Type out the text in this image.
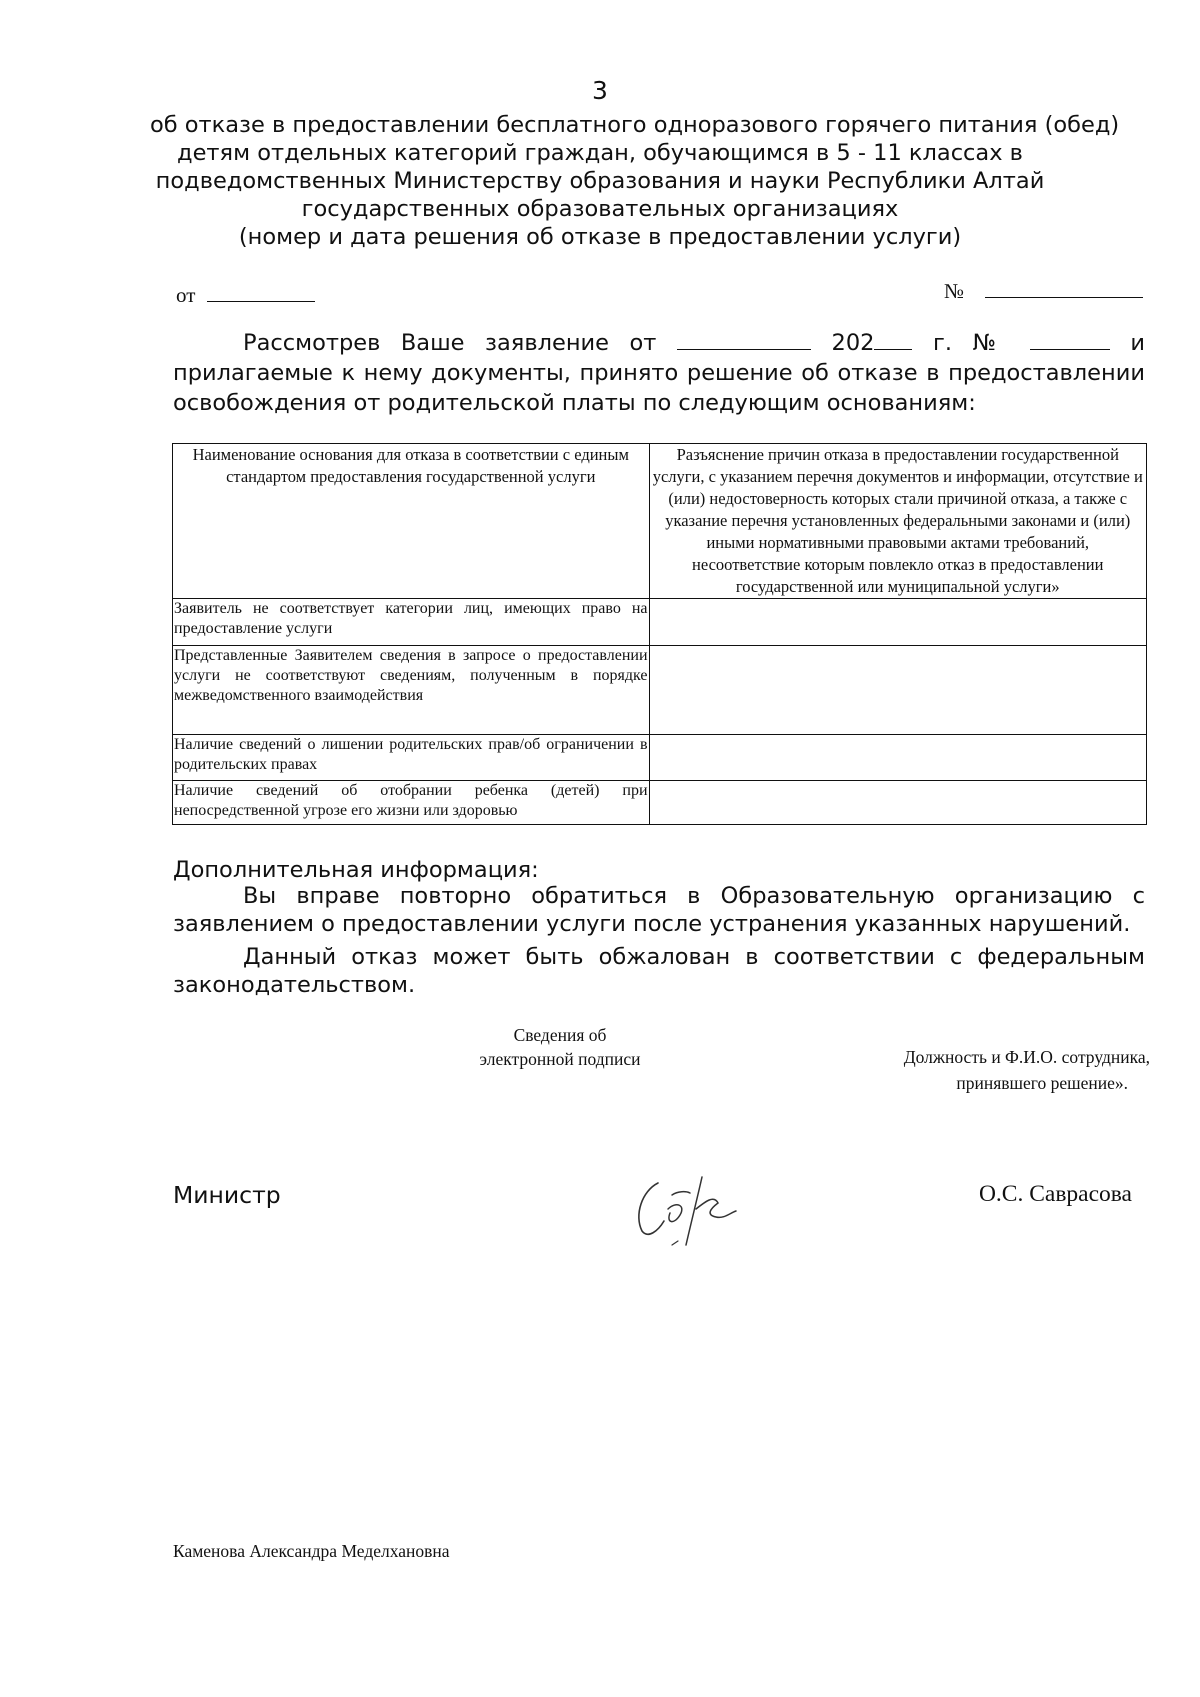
3
об отказе в предоставлении бесплатного одноразового горячего питания (обед)
детям отдельных категорий граждан, обучающимся в 5 - 11 классах в
подведомственных Министерству образования и науки Республики Алтай
государственных образовательных организациях
(номер и дата решения об отказе в предоставлении услуги)
от	№
Рассмотрев Ваше заявление от	202	г. №	и прилагаемые к нему документы, принято решение об отказе в предоставлении освобождения от родительской платы по следующим основаниям:
Наименование основания для отказа в соответствии с единым стандартом предоставления государственной услуги	Разъяснение причин отказа в предоставлении государственной услуги, с указанием перечня документов и информации, отсутствие и (или) недостоверность которых стали причиной отказа, а также с указание перечня установленных федеральными законами и (или) иными нормативными правовыми актами требований, несоответствие которым повлекло отказ в предоставлении государственной или муниципальной услуги»

Заявитель не соответствует категории лиц, имеющих право на предоставление услуги	

Представленные Заявителем сведения в запросе о предоставлении услуги не соответствуют сведениям, полученным в порядке межведомственного взаимодействия	

Наличие сведений о лишении родительских прав/об ограничении в родительских правах	

Наличие сведений об отобрании ребенка (детей) при непосредственной угрозе его жизни или здоровью	

Дополнительная информация:

Вы вправе повторно обратиться в Образовательную организацию с заявлением о предоставлении услуги после устранения указанных нарушений.

Данный отказ может быть обжалован в соответствии с федеральным законодательством.

Сведения об
электронной подписи	Должность и Ф.И.О. сотрудника,
принявшего решение».
Министр	О.С. Саврасова
Каменова Александра Меделхановна
